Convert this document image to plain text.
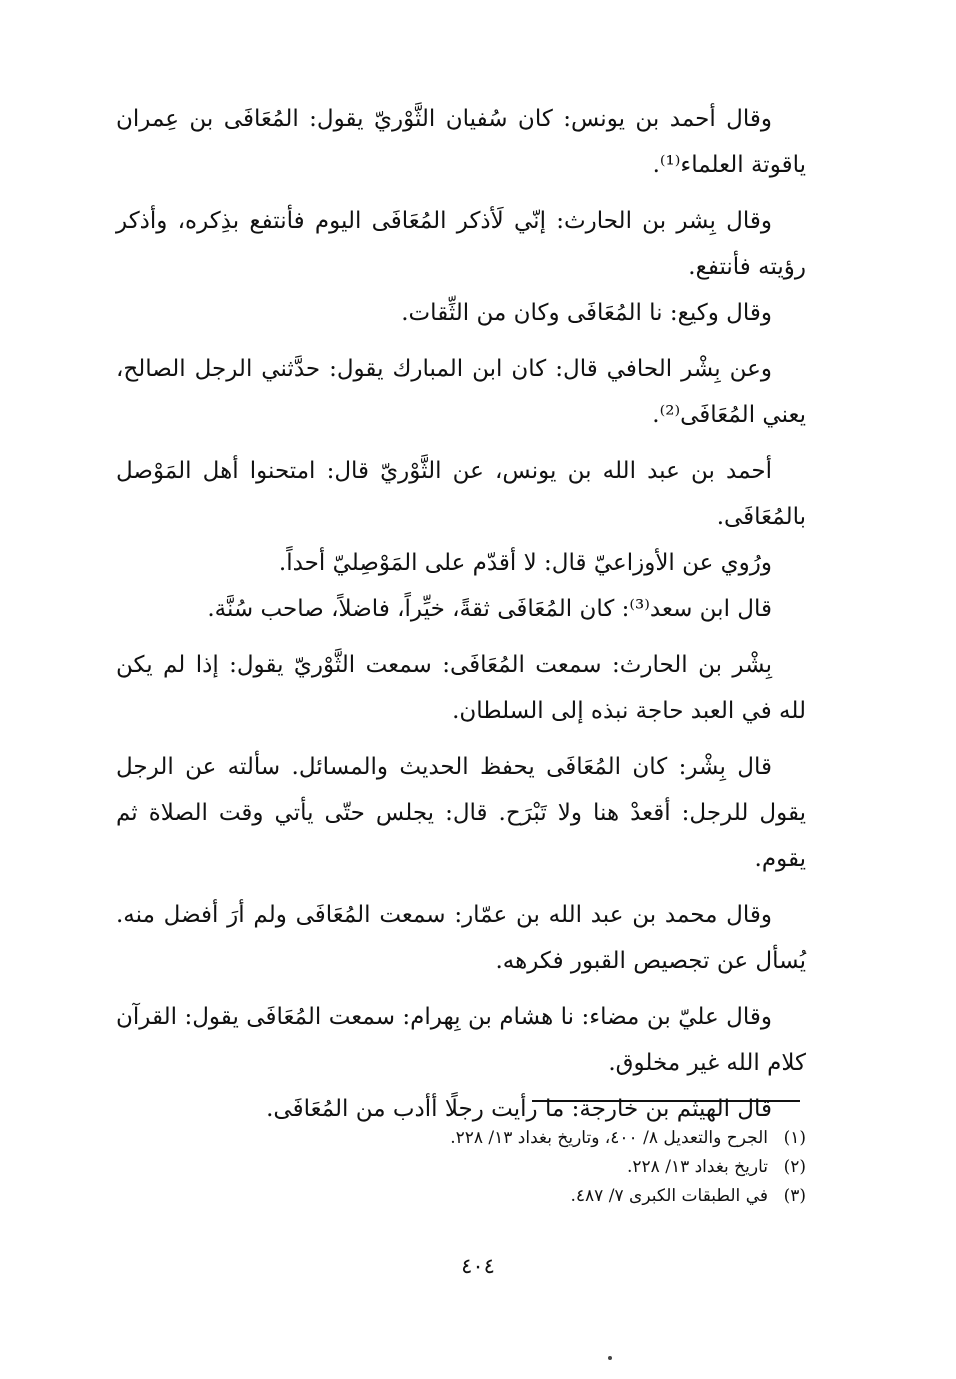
وقال أحمد بن يونس: كان سُفيان الثَّوْريّ يقول: المُعَافَى بن عِمران ياقوتة العلماء⁽¹⁾.

وقال بِشر بن الحارث: إنّي لَأذكر المُعَافَى اليوم فأنتفع بذِكره، وأذكر رؤيته فأنتفع.

وقال وكيع: نا المُعَافَى وكان من الثِّقات.

وعن بِشْر الحافي قال: كان ابن المبارك يقول: حدَّثني الرجل الصالح، يعني المُعَافَى⁽²⁾.

أحمد بن عبد الله بن يونس، عن الثَّوْريّ قال: امتحنوا أهل المَوْصل بالمُعَافَى.

ورُوي عن الأوزاعيّ قال: لا أقدّم على المَوْصِليّ أحداً.

قال ابن سعد⁽³⁾: كان المُعَافَى ثقةً، خيِّراً، فاضلاً، صاحب سُنَّة.

بِشْر بن الحارث: سمعت المُعَافَى: سمعت الثَّوْريّ يقول: إذا لم يكن لله في العبد حاجة نبذه إلى السلطان.

قال بِشْر: كان المُعَافَى يحفظ الحديث والمسائل. سألته عن الرجل يقول للرجل: أقعدْ هنا ولا تَبْرَح. قال: يجلس حتّى يأتي وقت الصلاة ثم يقوم.

وقال محمد بن عبد الله بن عمّار: سمعت المُعَافَى ولم أرَ أفضل منه. يُسأل عن تجصيص القبور فكرهه.

وقال عليّ بن مضاء: نا هشام بن بِهرام: سمعت المُعَافَى يقول: القرآن كلام الله غير مخلوق.

قال الهيثم بن خارجة: ما رأيت رجلًا أأدب من المُعَافَى.

(١)
الجرح والتعديل ٨/ ٤٠٠، وتاريخ بغداد ١٣/ ٢٢٨.
(٢)
تاريخ بغداد ١٣/ ٢٢٨.
(٣)
في الطبقات الكبرى ٧/ ٤٨٧.
٤٠٤
